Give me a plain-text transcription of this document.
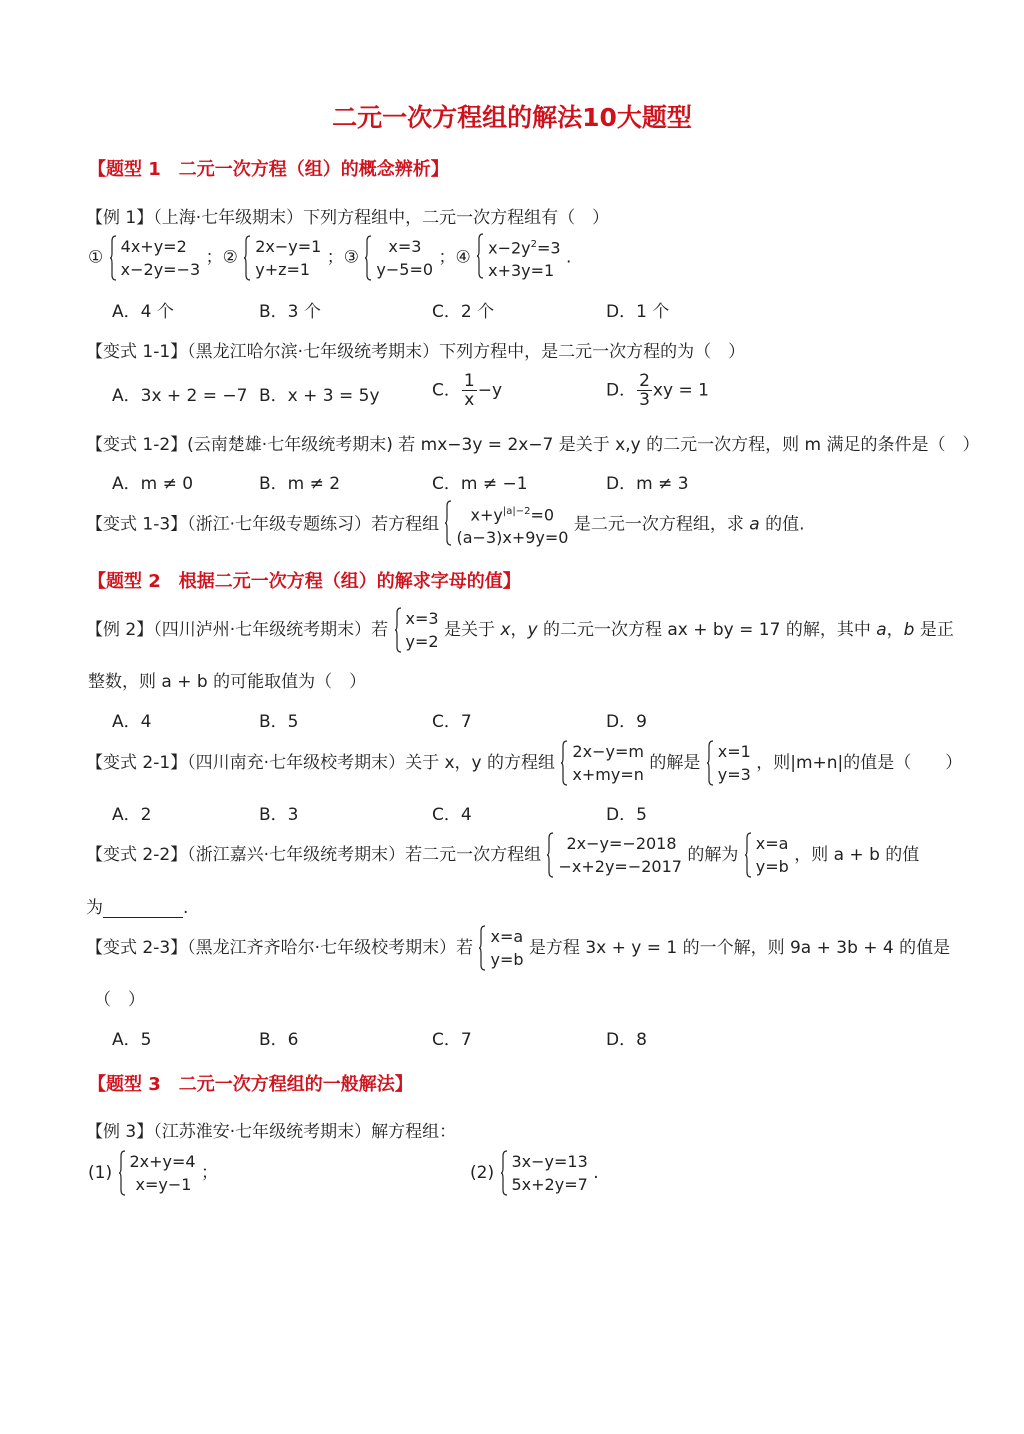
二元一次方程组的解法10大题型
【题型 1　二元一次方程（组）的概念辨析】
【例 1】（上海·七年级期末）下列方程组中，二元一次方程组有（　）
①
4x+y=2
x−2y=−3
；②
2x−y=1
y+z=1
；③
x=3
y−5=0
；④ $x-2y^2=3$
x+3y=1
.
A．4 个	B．3 个	C．2 个	D．1 个
【变式 1-1】（黑龙江哈尔滨·七年级统考期末）下列方程中，是二元一次方程的为（　）
A．3x + 2 = −7 B．x + 3 = 5y	C． $\frac{1}{x} -y$	D． $\frac{2}{3}$ xy = 1
【变式 1-2】(云南楚雄·七年级统考期末) 若 mx−3y = 2x−7 是关于 x,y 的二元一次方程，则 m 满足的条件是（　）
A．m ≠ 0	B．m ≠ 2	C．m ≠ −1	D．m ≠ 3
【变式 1-3】（浙江·七年级专题练习）若方程组	$x+y^{|a|-2}=0$
(a−3)x+9y=0
是二元一次方程组，求 a 的值.
【题型 2　根据二元一次方程（组）的解求字母的值】
【例 2】（四川泸州·七年级统考期末）若
x=3
y=2
是关于 x，y 的二元一次方程 ax + by = 17 的解，其中 a，b 是正
整数，则 a + b 的可能取值为（　）
A．4	B．5	C．7	D．9
【变式 2-1】（四川南充·七年级校考期末）关于 x，y 的方程组
2x−y=m
x+my=n
的解是
x=1
y=3
，则|m+n|的值是（　　）
A．2	B．3	C．4	D．5
【变式 2-2】（浙江嘉兴·七年级统考期末）若二元一次方程组
2x−y=−2018
−x+2y=−2017
的解为
x=a
y=b
，则 a + b 的值
为	.
【变式 2-3】（黑龙江齐齐哈尔·七年级校考期末）若
x=a
y=b
是方程 3x + y = 1 的一个解，则 9a + 3b + 4 的值是
（　）
A．5	B．6	C．7	D．8
【题型 3　二元一次方程组的一般解法】
【例 3】（江苏淮安·七年级统考期末）解方程组：
(1)
2x+y=4
x=y−1
；	(2)
3x−y=13
5x+2y=7
.
